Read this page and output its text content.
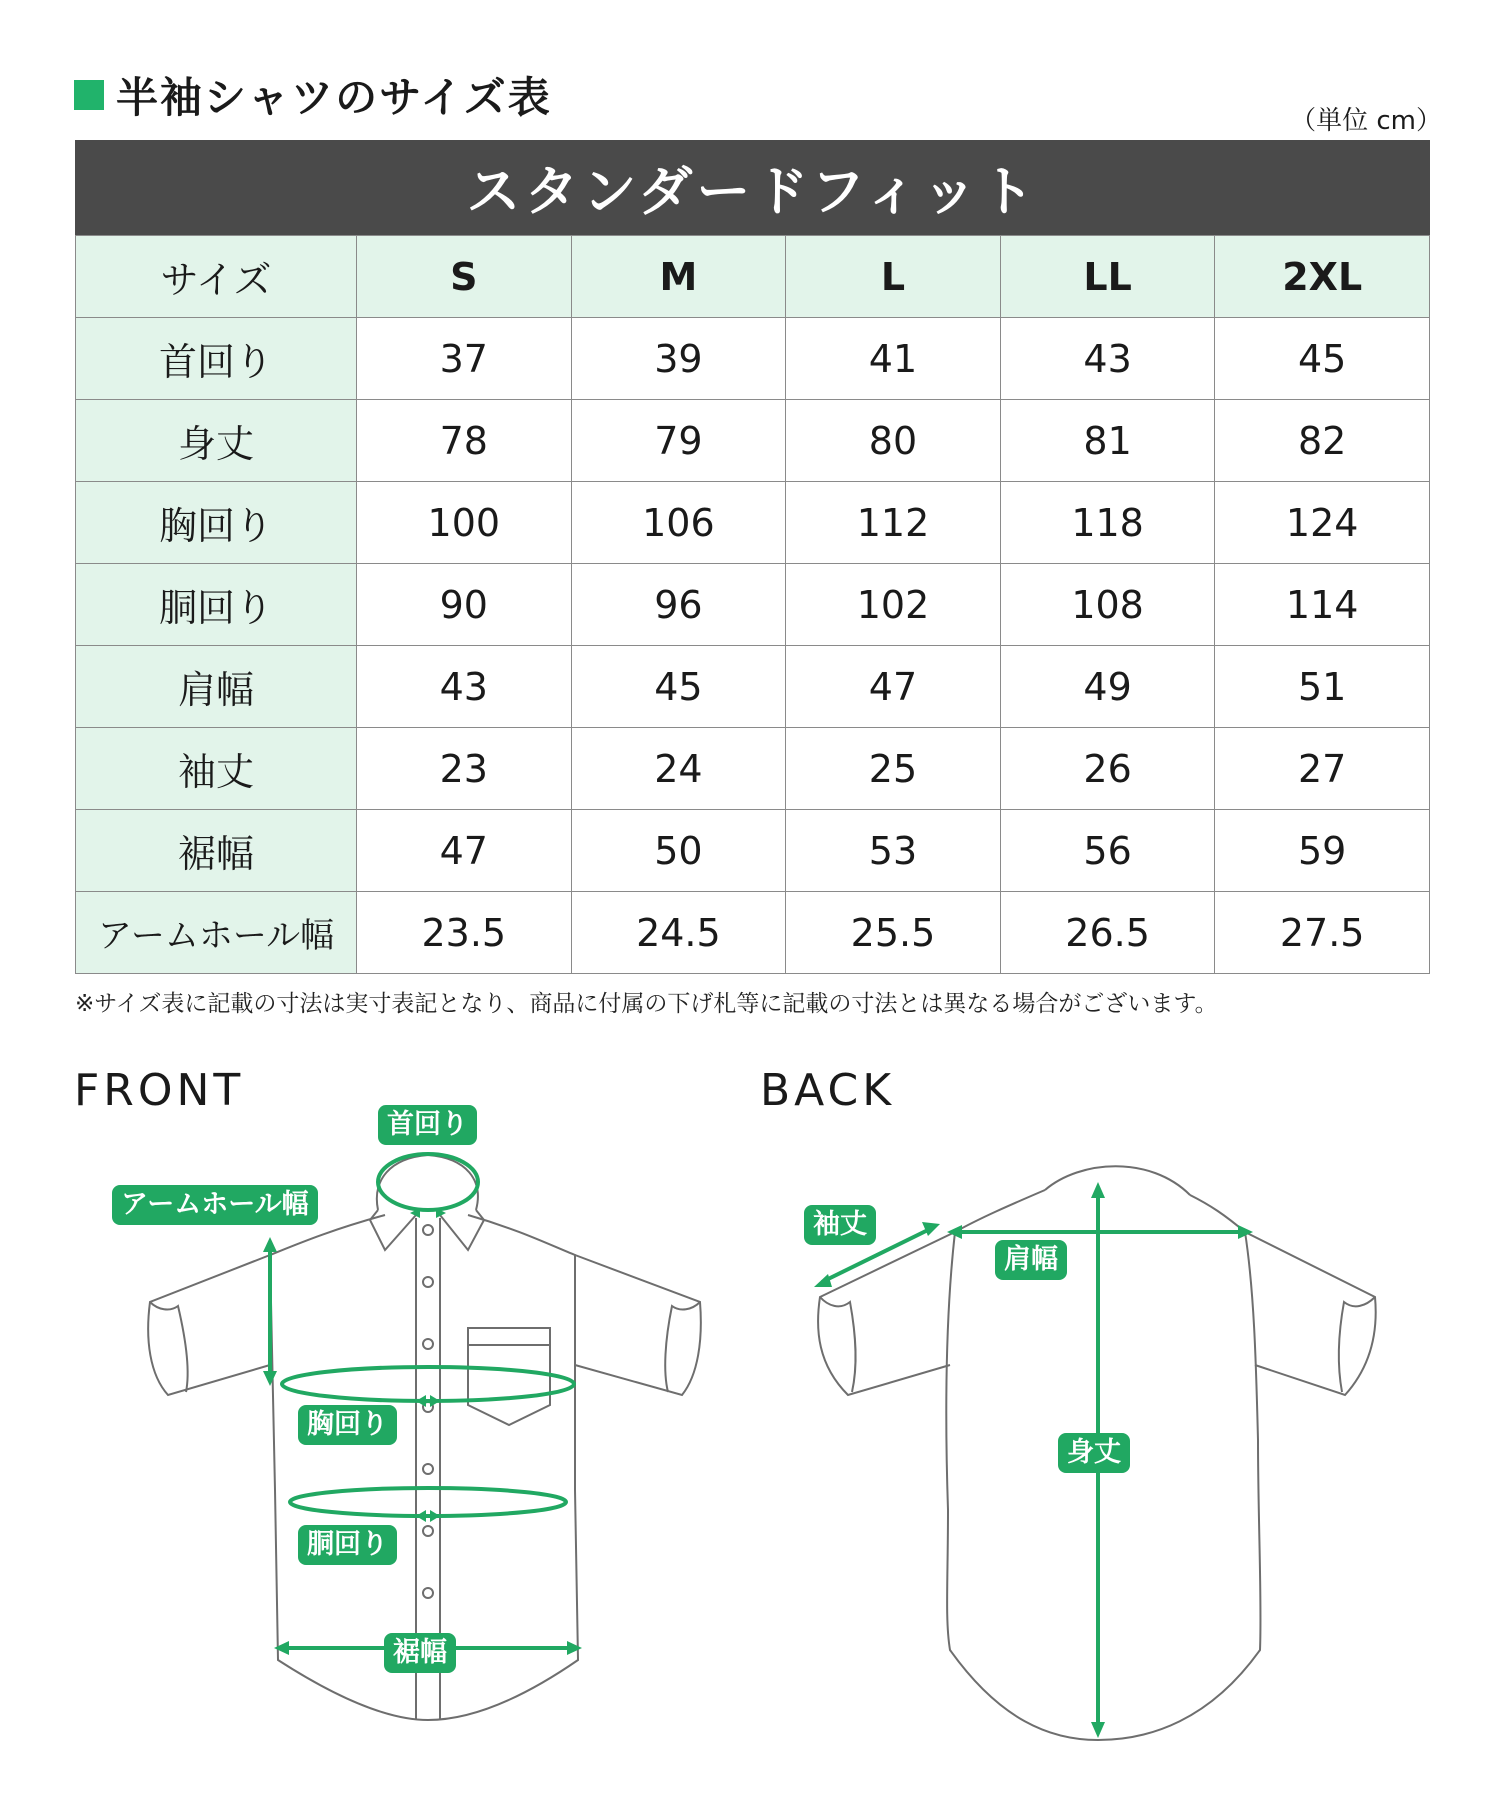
半袖シャツのサイズ表	（単位 cm）
スタンダードフィット
サイズ	S	M	L	LL	2XL
首回り	37	39	41	43	45
身丈	78	79	80	81	82
胸回り	100	106	112	118	124
胴回り	90	96	102	108	114
肩幅	43	45	47	49	51
袖丈	23	24	25	26	27
裾幅	47	50	53	56	59
アームホール幅	23.5	24.5	25.5	26.5	27.5
※サイズ表に記載の寸法は実寸表記となり、商品に付属の下げ札等に記載の寸法とは異なる場合がございます。
FRONT	BACK
首回り
アームホール幅
胸回り
胴回り
裾幅
袖丈
肩幅
身丈
